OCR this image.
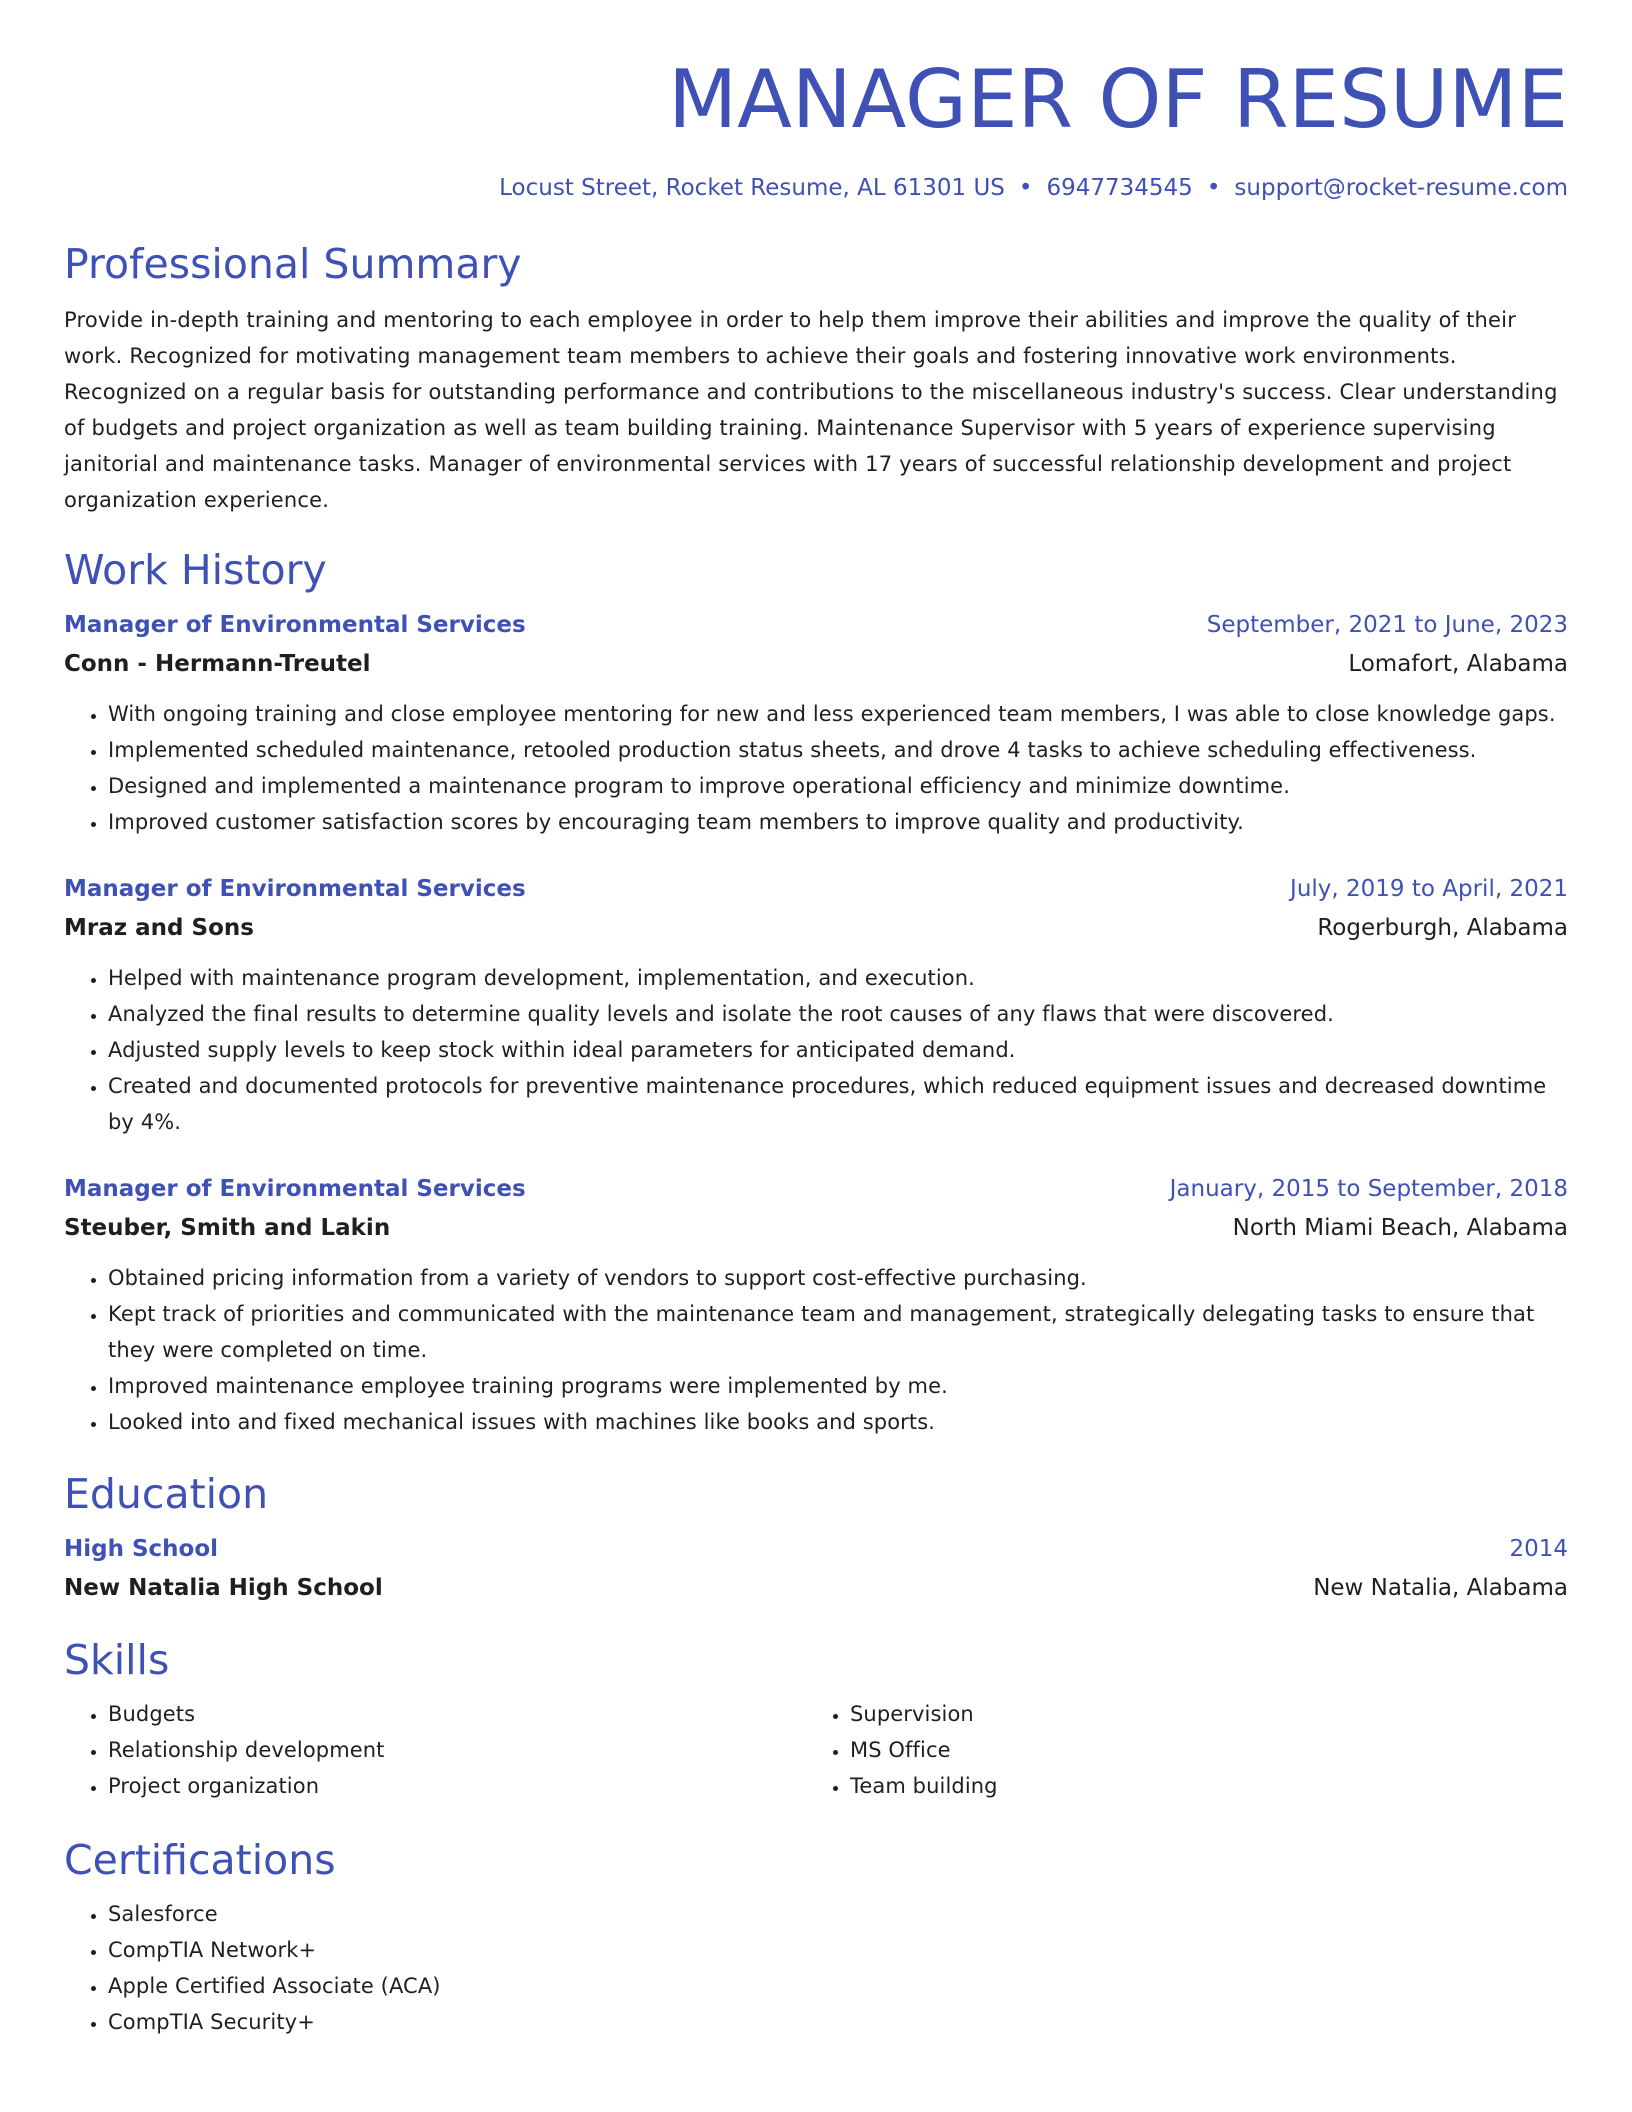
MANAGER OF RESUME
Locust Street, Rocket Resume, AL 61301 US • 6947734545 • support@rocket-resume.com
Professional Summary

Provide in-depth training and mentoring to each employee in order to help them improve their abilities and improve the quality of their work. Recognized for motivating management team members to achieve their goals and fostering innovative work environments. Recognized on a regular basis for outstanding performance and contributions to the miscellaneous industry's success. Clear understanding of budgets and project organization as well as team building training. Maintenance Supervisor with 5 years of experience supervising janitorial and maintenance tasks. Manager of environmental services with 17 years of successful relationship development and project organization experience.

Work History
Manager of Environmental Services	September, 2021 to June, 2023
Conn - Hermann-Treutel	Lomafort, Alabama
• With ongoing training and close employee mentoring for new and less experienced team members, I was able to close knowledge gaps.
• Implemented scheduled maintenance, retooled production status sheets, and drove 4 tasks to achieve scheduling effectiveness.
• Designed and implemented a maintenance program to improve operational efficiency and minimize downtime.
• Improved customer satisfaction scores by encouraging team members to improve quality and productivity.
Manager of Environmental Services	July, 2019 to April, 2021
Mraz and Sons	Rogerburgh, Alabama
• Helped with maintenance program development, implementation, and execution.
• Analyzed the final results to determine quality levels and isolate the root causes of any flaws that were discovered.
• Adjusted supply levels to keep stock within ideal parameters for anticipated demand.
• Created and documented protocols for preventive maintenance procedures, which reduced equipment issues and decreased downtime by 4%.
Manager of Environmental Services	January, 2015 to September, 2018
Steuber, Smith and Lakin	North Miami Beach, Alabama
• Obtained pricing information from a variety of vendors to support cost-effective purchasing.
• Kept track of priorities and communicated with the maintenance team and management, strategically delegating tasks to ensure that they were completed on time.
• Improved maintenance employee training programs were implemented by me.
• Looked into and fixed mechanical issues with machines like books and sports.
Education
High School	2014
New Natalia High School	New Natalia, Alabama
Skills
• Budgets
• Relationship development
• Project organization
• Supervision
• MS Office
• Team building
Certifications
• Salesforce
• CompTIA Network+
• Apple Certified Associate (ACA)
• CompTIA Security+
